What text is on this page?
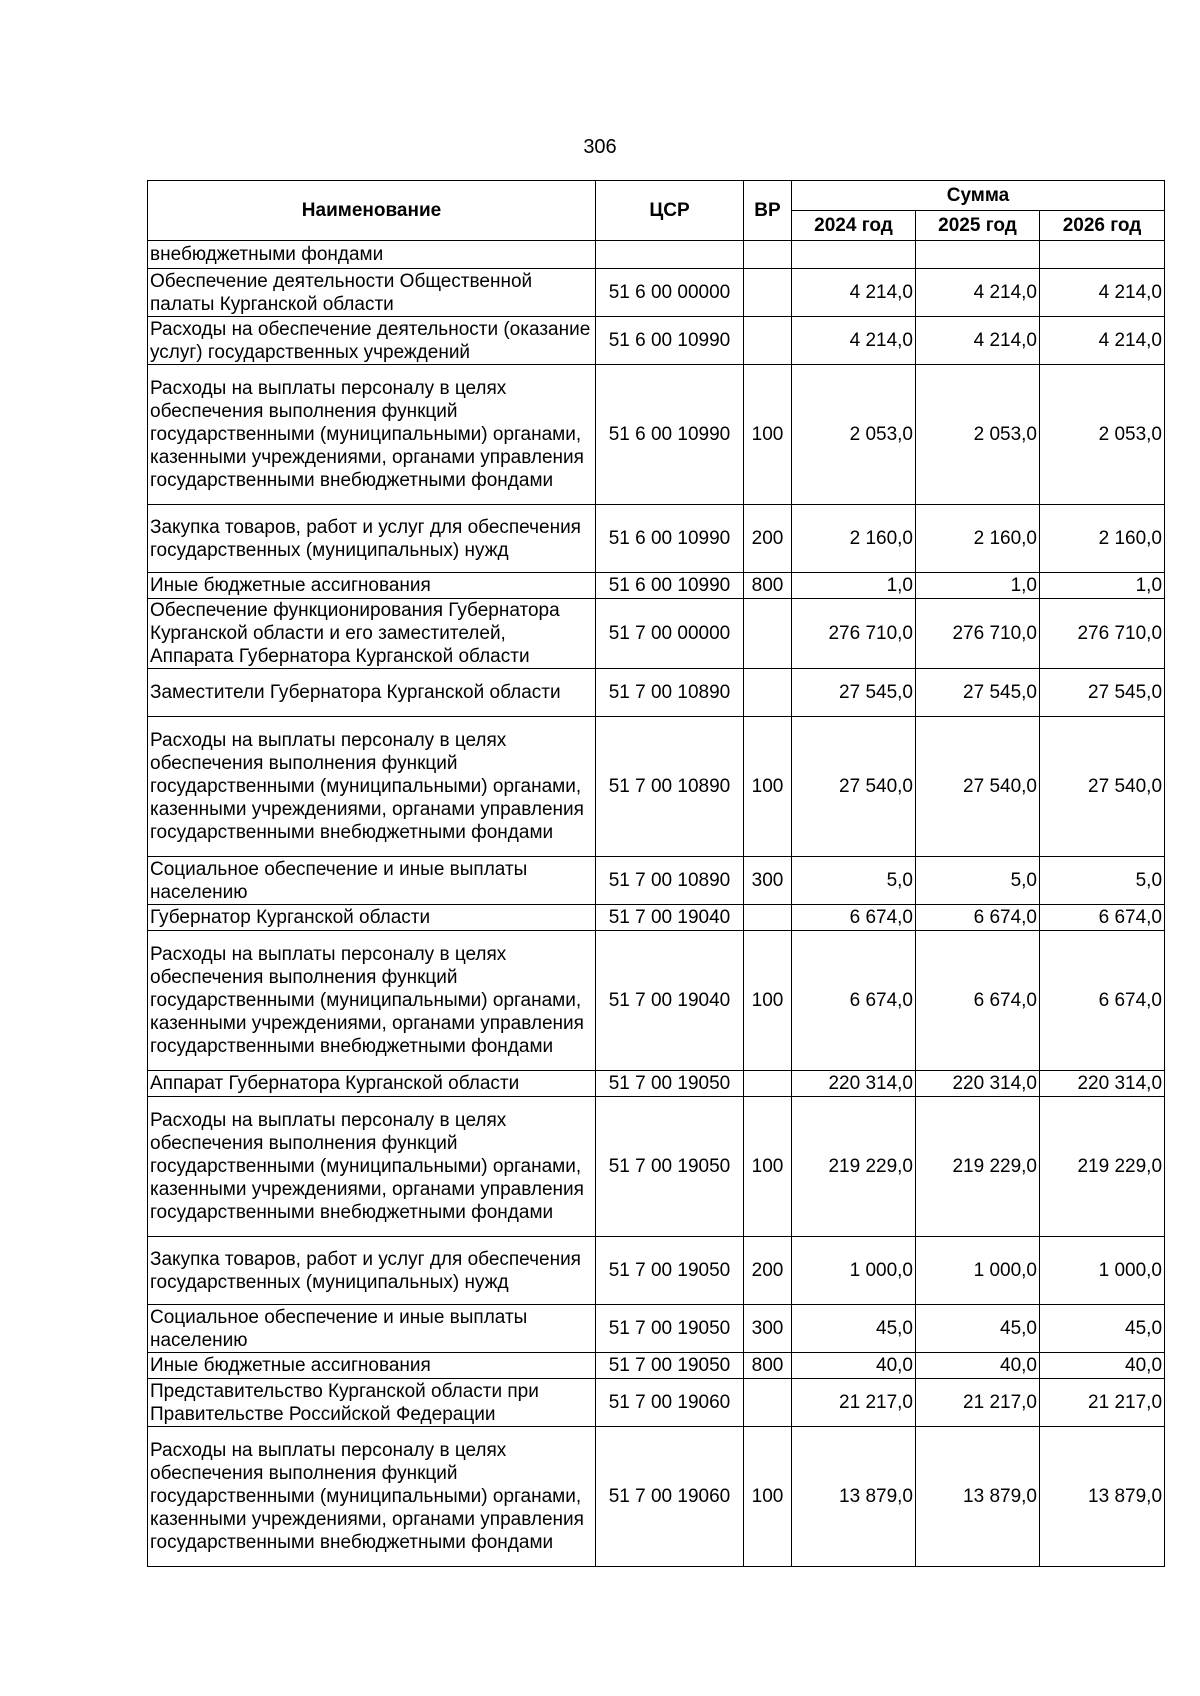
306
Наименование	ЦСР	ВР	Сумма		
			2024 год	2025 год	2026 год
внебюджетными фондами					
Обеспечение деятельности Общественной палаты Курганской области	51 6 00 00000		4 214,0	4 214,0	4 214,0
Расходы на обеспечение деятельности (оказание услуг) государственных учреждений	51 6 00 10990		4 214,0	4 214,0	4 214,0
Расходы на выплаты персоналу в целях обеспечения выполнения функций государственными (муниципальными) органами, казенными учреждениями, органами управления государственными внебюджетными фондами	51 6 00 10990	100	2 053,0	2 053,0	2 053,0
Закупка товаров, работ и услуг для обеспечения государственных (муниципальных) нужд	51 6 00 10990	200	2 160,0	2 160,0	2 160,0
Иные бюджетные ассигнования	51 6 00 10990	800	1,0	1,0	1,0
Обеспечение функционирования Губернатора Курганской области и его заместителей, Аппарата Губернатора Курганской области	51 7 00 00000		276 710,0	276 710,0	276 710,0
Заместители Губернатора Курганской области	51 7 00 10890		27 545,0	27 545,0	27 545,0
Расходы на выплаты персоналу в целях обеспечения выполнения функций государственными (муниципальными) органами, казенными учреждениями, органами управления государственными внебюджетными фондами	51 7 00 10890	100	27 540,0	27 540,0	27 540,0
Социальное обеспечение и иные выплаты населению	51 7 00 10890	300	5,0	5,0	5,0
Губернатор Курганской области	51 7 00 19040		6 674,0	6 674,0	6 674,0
Расходы на выплаты персоналу в целях обеспечения выполнения функций государственными (муниципальными) органами, казенными учреждениями, органами управления государственными внебюджетными фондами	51 7 00 19040	100	6 674,0	6 674,0	6 674,0
Аппарат Губернатора Курганской области	51 7 00 19050		220 314,0	220 314,0	220 314,0
Расходы на выплаты персоналу в целях обеспечения выполнения функций государственными (муниципальными) органами, казенными учреждениями, органами управления государственными внебюджетными фондами	51 7 00 19050	100	219 229,0	219 229,0	219 229,0
Закупка товаров, работ и услуг для обеспечения государственных (муниципальных) нужд	51 7 00 19050	200	1 000,0	1 000,0	1 000,0
Социальное обеспечение и иные выплаты населению	51 7 00 19050	300	45,0	45,0	45,0
Иные бюджетные ассигнования	51 7 00 19050	800	40,0	40,0	40,0
Представительство Курганской области при Правительстве Российской Федерации	51 7 00 19060		21 217,0	21 217,0	21 217,0
Расходы на выплаты персоналу в целях обеспечения выполнения функций государственными (муниципальными) органами, казенными учреждениями, органами управления государственными внебюджетными фондами	51 7 00 19060	100	13 879,0	13 879,0	13 879,0
